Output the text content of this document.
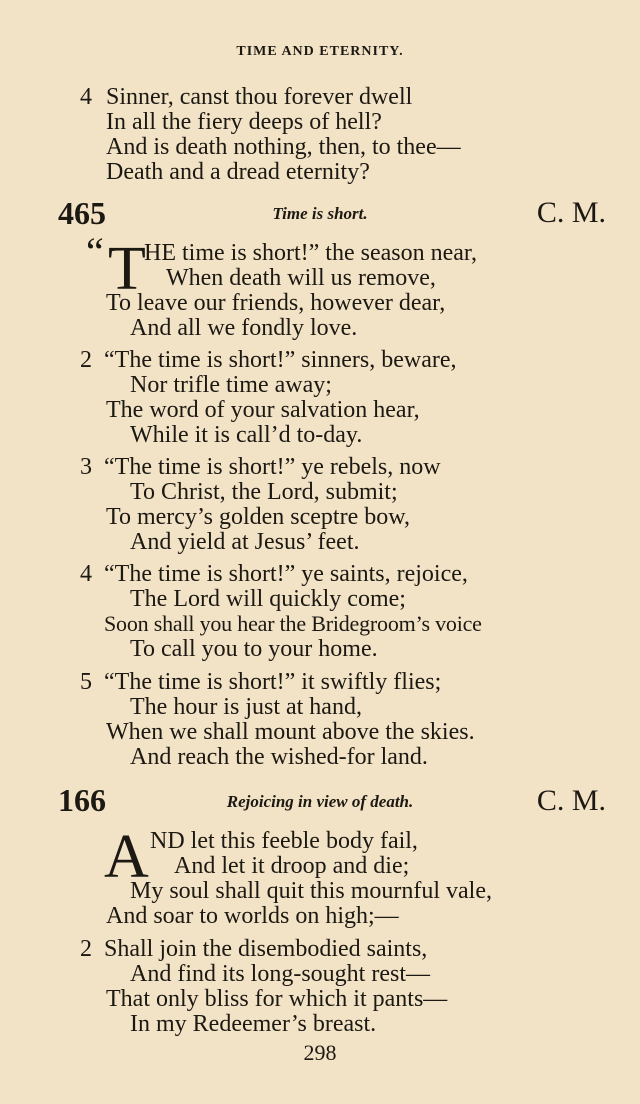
TIME AND ETERNITY.
4 Sinner, canst thou forever dwell
In all the fiery deeps of hell?
And is death nothing, then, to thee—
Death and a dread eternity?
465	Time is short.	C. M.
“ T
HE time is short!” the season near,
When death will us remove,
To leave our friends, however dear,
And all we fondly love.
2 “The time is short!” sinners, beware,
Nor trifle time away;
The word of your salvation hear,
While it is call’d to-day.
3 “The time is short!” ye rebels, now
To Christ, the Lord, submit;
To mercy’s golden sceptre bow,
And yield at Jesus’ feet.
4 “The time is short!” ye saints, rejoice,
The Lord will quickly come;
Soon shall you hear the Bridegroom’s voice
To call you to your home.
5 “The time is short!” it swiftly flies;
The hour is just at hand,
When we shall mount above the skies.
And reach the wished-for land.
166	Rejoicing in view of death.	C. M.
A ND let this feeble body fail,
And let it droop and die;
My soul shall quit this mournful vale,
And soar to worlds on high;—
2 Shall join the disembodied saints,
And find its long-sought rest—
That only bliss for which it pants—
In my Redeemer’s breast.
298
